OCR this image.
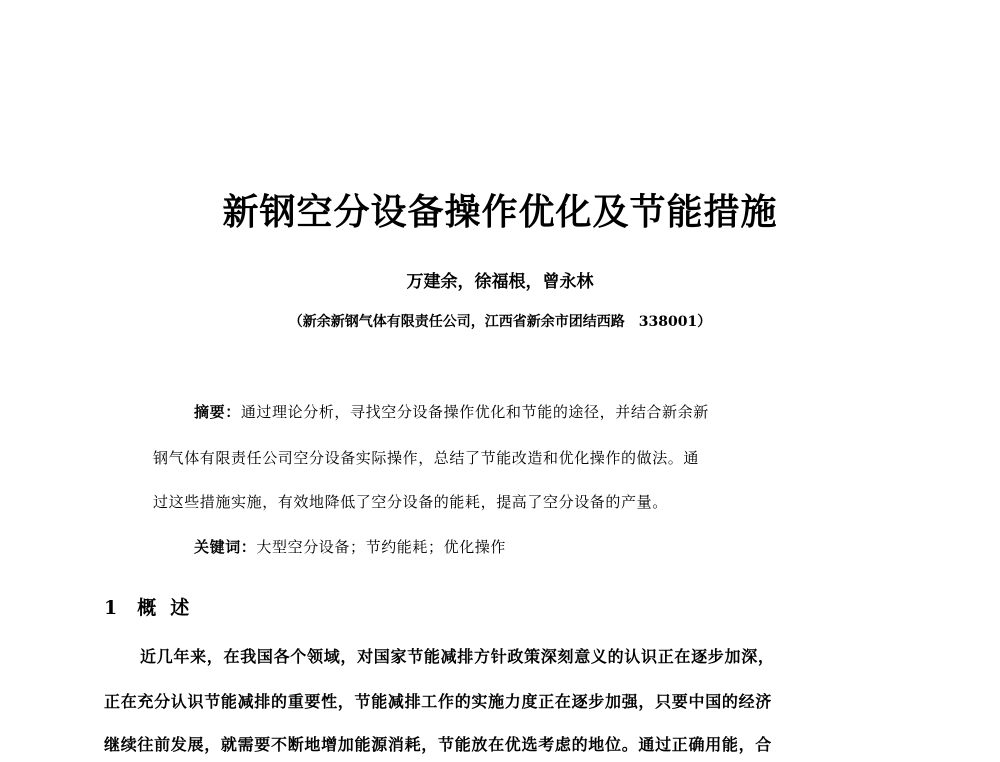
新钢空分设备操作优化及节能措施
万建余，徐福根，曾永林
（新余新钢气体有限责任公司，江西省新余市团结西路　338001）
摘要：通过理论分析，寻找空分设备操作优化和节能的途径，并结合新余新
钢气体有限责任公司空分设备实际操作，总结了节能改造和优化操作的做法。通
过这些措施实施，有效地降低了空分设备的能耗，提高了空分设备的产量。
关键词：大型空分设备；节约能耗；优化操作
1 概述
近几年来，在我国各个领域，对国家节能减排方针政策深刻意义的认识正在逐步加深，
正在充分认识节能减排的重要性，节能减排工作的实施力度正在逐步加强，只要中国的经济
继续往前发展，就需要不断地增加能源消耗，节能放在优选考虑的地位。通过正确用能，合
